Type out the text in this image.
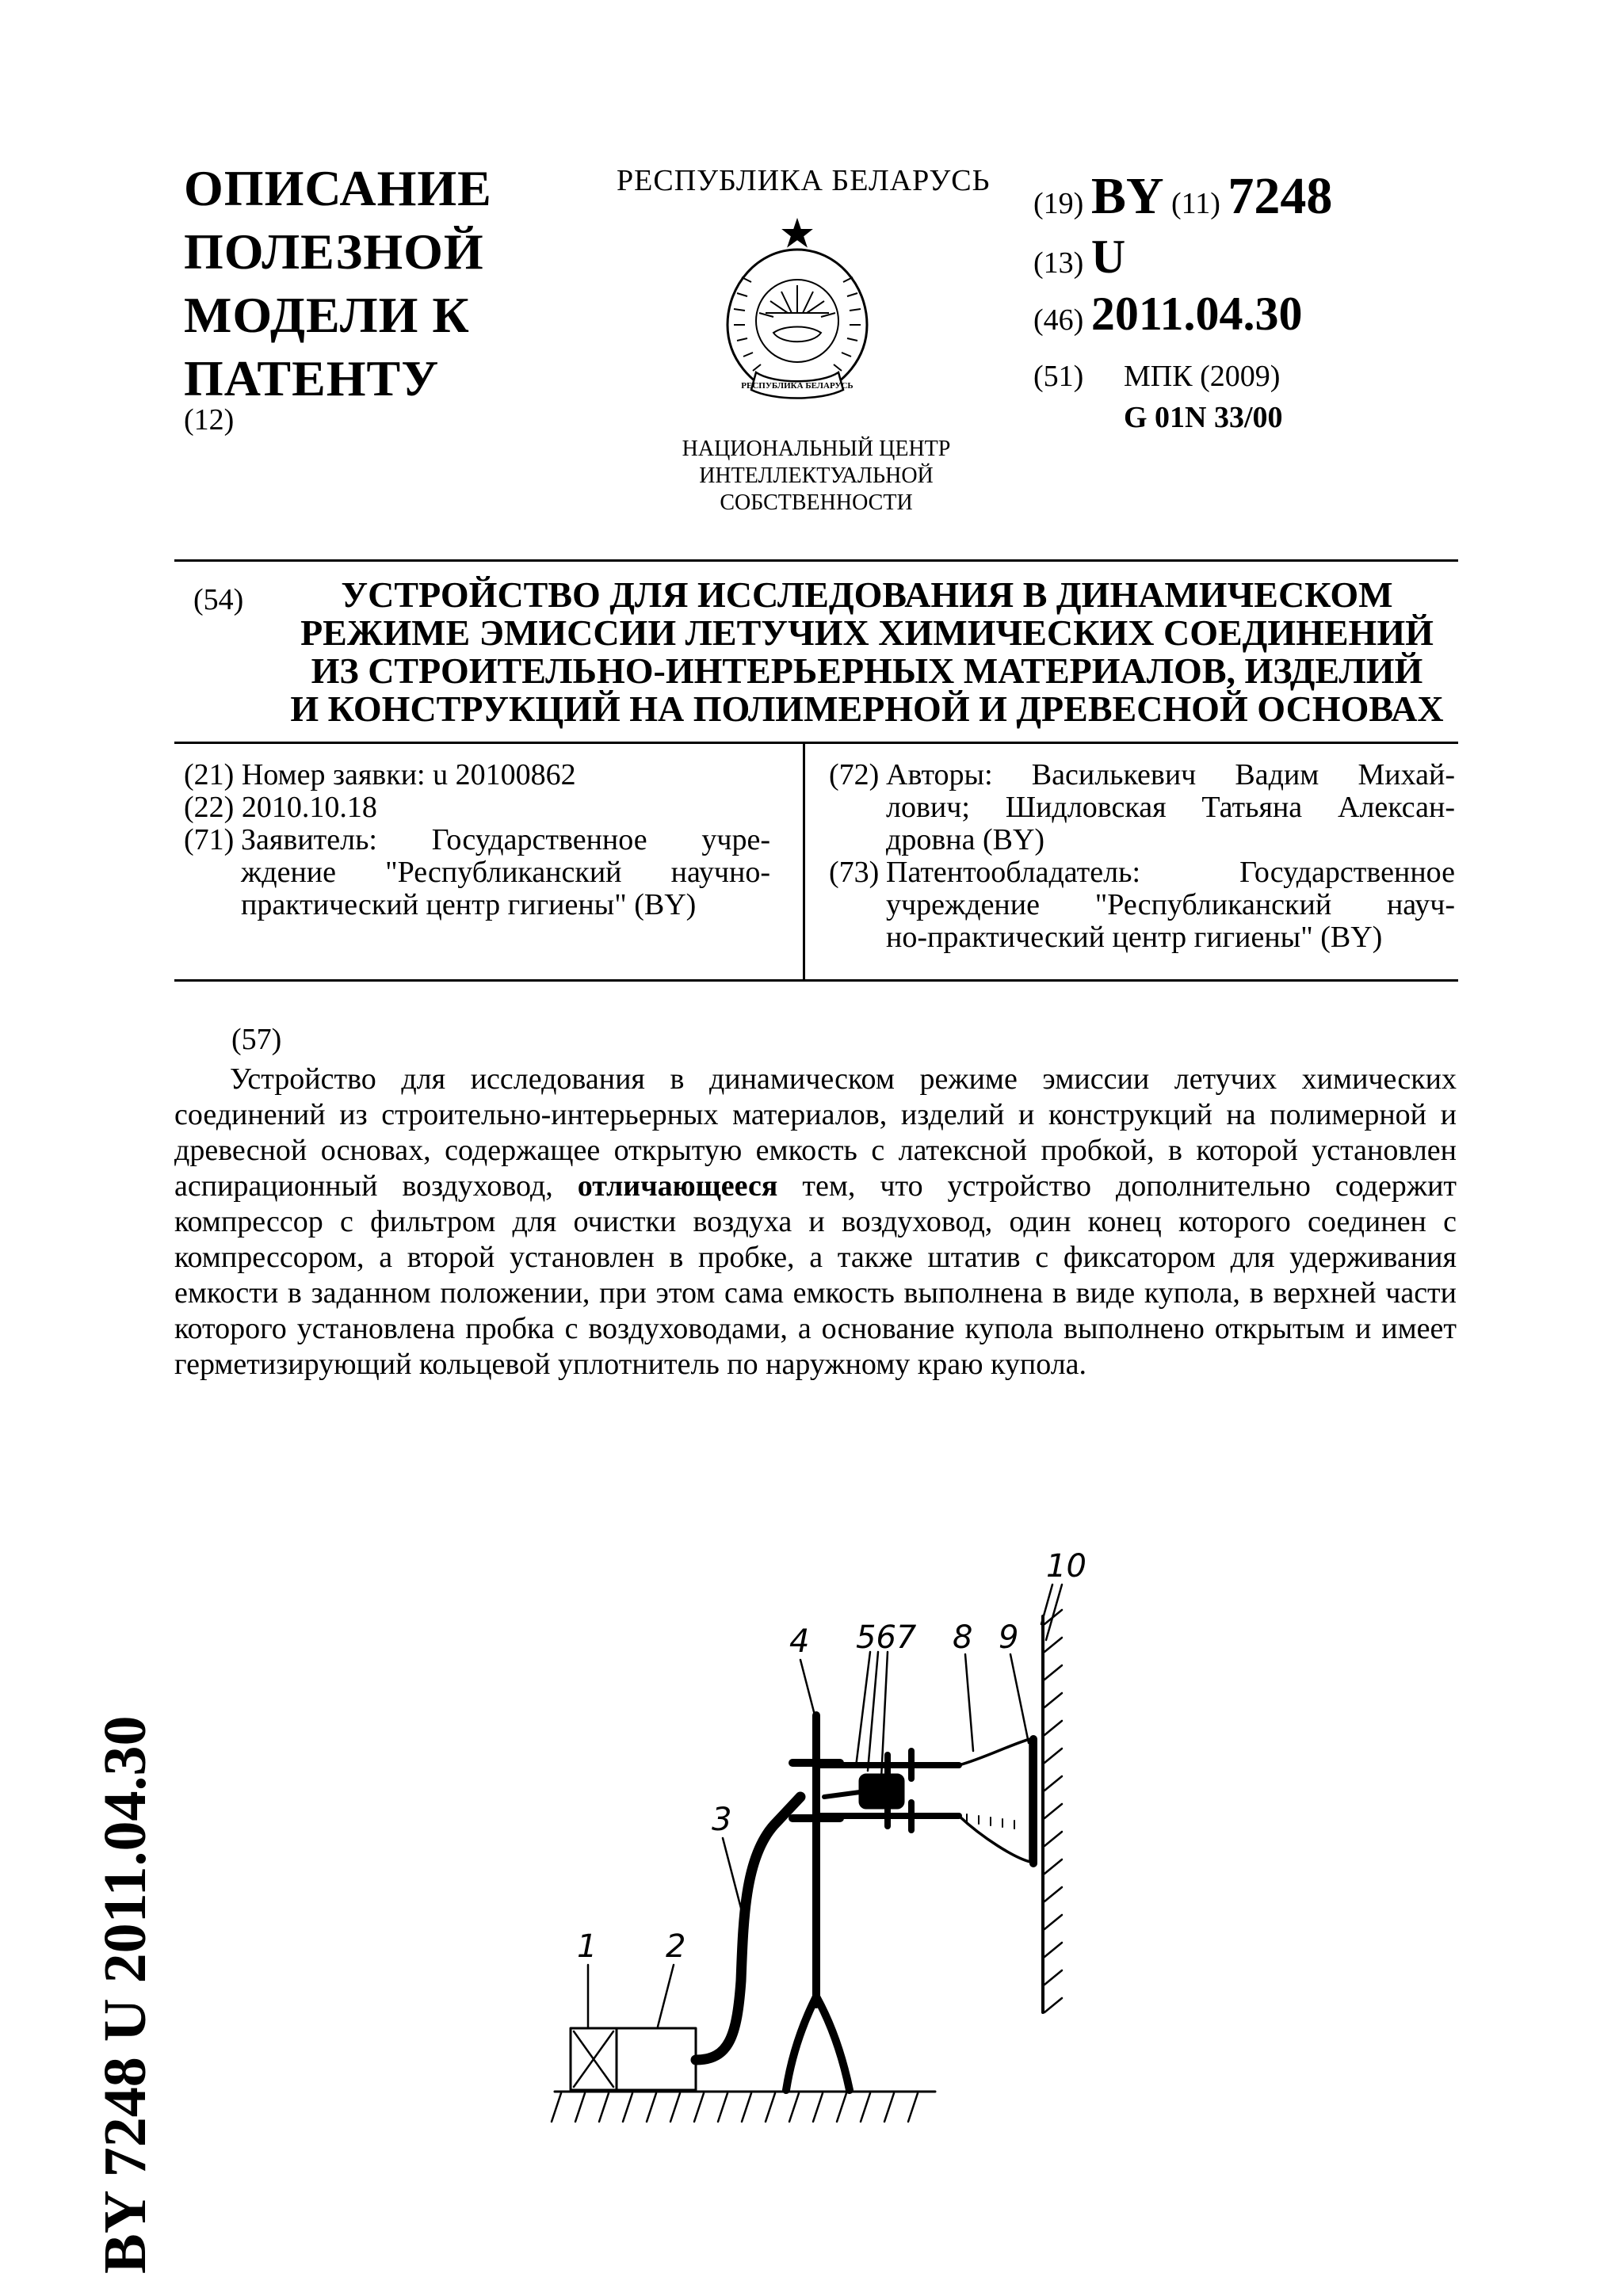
ОПИСАНИЕ
ПОЛЕЗНОЙ
МОДЕЛИ К
ПАТЕНТУ
(12)
РЕСПУБЛИКА БЕЛАРУСЬ
РЕСПУБЛИКА БЕЛАРУСЬ
НАЦИОНАЛЬНЫЙ ЦЕНТР
ИНТЕЛЛЕКТУАЛЬНОЙ
СОБСТВЕННОСТИ
(19) BY (11) 7248
(13) U
(46) 2011.04.30
(51) МПК (2009)
G 01N 33/00
(54)	УСТРОЙСТВО ДЛЯ ИССЛЕДОВАНИЯ В ДИНАМИЧЕСКОМ
РЕЖИМЕ ЭМИССИИ ЛЕТУЧИХ ХИМИЧЕСКИХ СОЕДИНЕНИЙ
ИЗ СТРОИТЕЛЬНО-ИНТЕРЬЕРНЫХ МАТЕРИАЛОВ, ИЗДЕЛИЙ
И КОНСТРУКЦИЙ НА ПОЛИМЕРНОЙ И ДРЕВЕСНОЙ ОСНОВАХ
(21)
Номер заявки: u 20100862
(22)
2010.10.18
(71) Заявитель: Государственное учре-
ждение "Республиканский научно-
практический центр гигиены" (BY)
(72) Авторы: Василькевич Вадим Михай-
лович; Шидловская Татьяна Алексан-
дровна (BY)
(73) Патентообладатель: Государственное
учреждение "Республиканский науч-
но-практический центр гигиены" (BY)
(57)

Устройство для исследования в динамическом режиме эмиссии летучих химических соединений из строительно-интерьерных материалов, изделий и конструкций на полимерной и древесной основах, содержащее открытую емкость с латексной пробкой, в которой установлен аспирационный воздуховод, отличающееся тем, что устройство дополнительно содержит компрессор с фильтром для очистки воздуха и воздуховод, один конец которого соединен с компрессором, а второй установлен в пробке, а также штатив с фиксатором для удерживания емкости в заданном положении, при этом сама емкость выполнена в виде купола, в верхней части которого установлена пробка с воздуховодами, а основание купола выполнено открытым и имеет герметизирующий кольцевой уплотнитель по наружному краю купола.

BY 7248 U 2011.04.30	1 2
3
4 567 8 9
10
